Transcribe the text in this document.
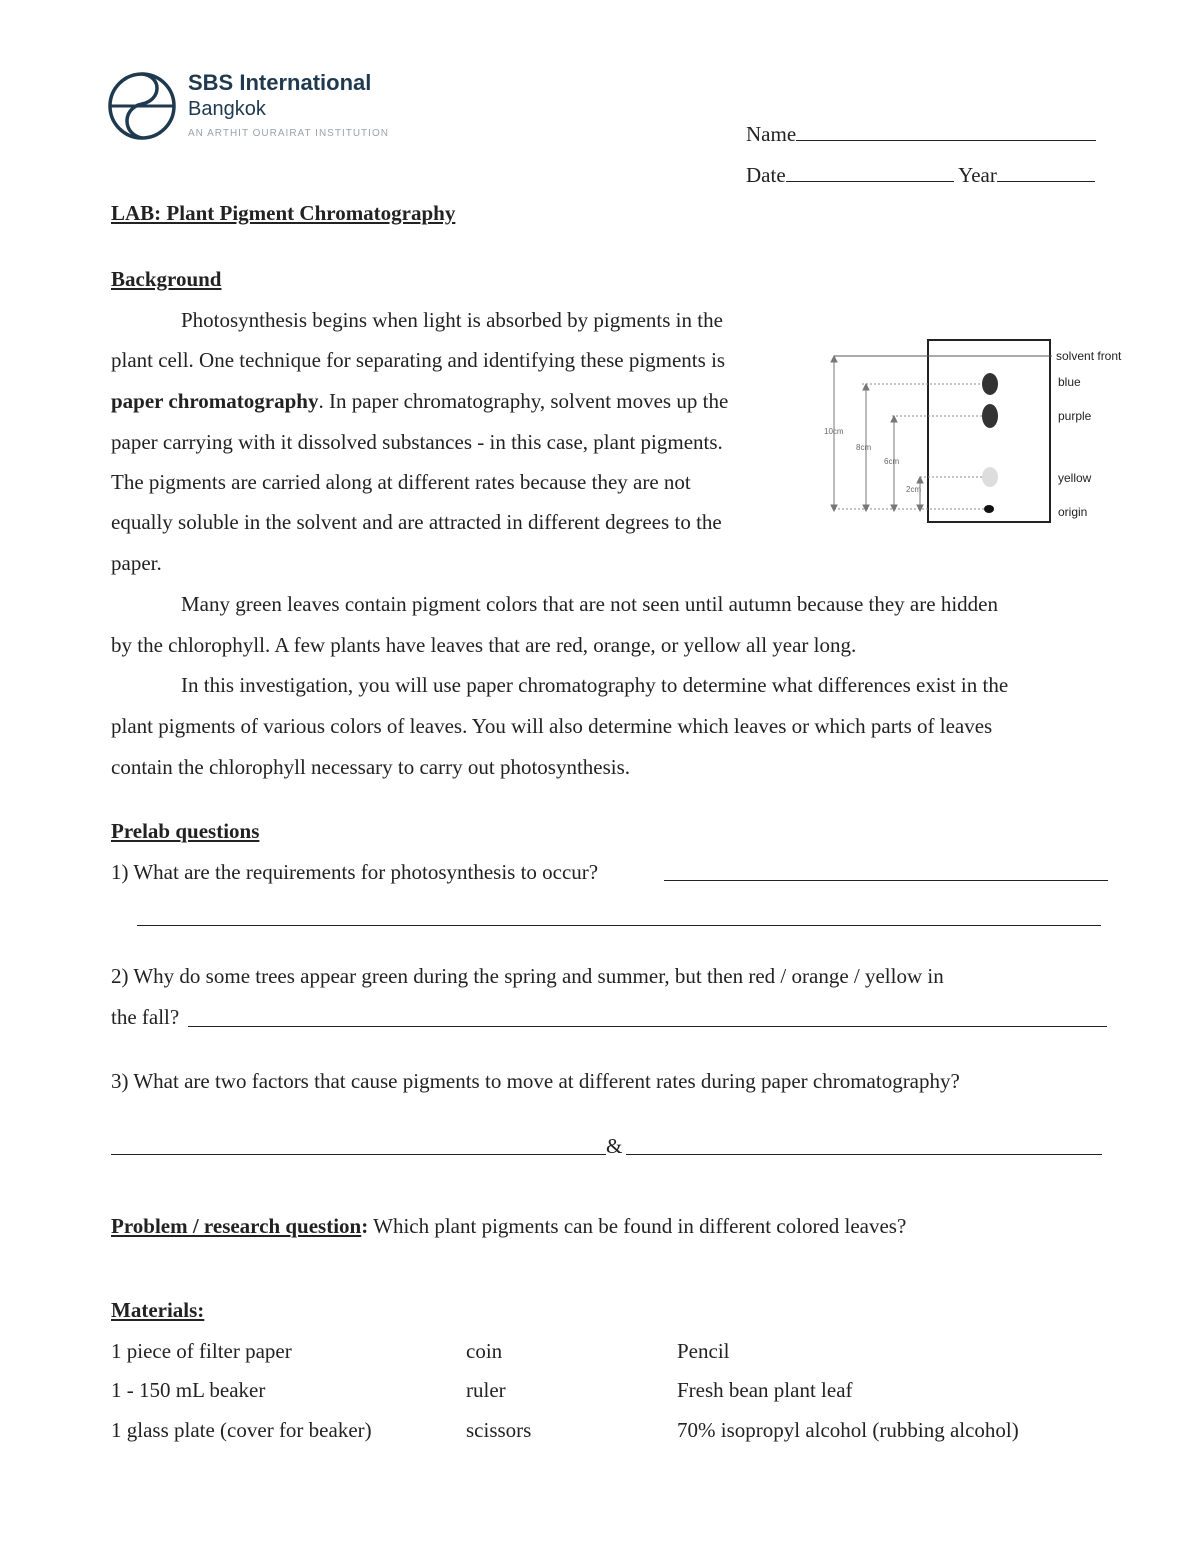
SBS International
Bangkok
AN ARTHIT OURAIRAT INSTITUTION	Name
Date	Year
LAB: Plant Pigment Chromatography
Background
Photosynthesis begins when light is absorbed by pigments in the
plant cell. One technique for separating and identifying these pigments is
paper chromatography. In paper chromatography, solvent moves up the
paper carrying with it dissolved substances - in this case, plant pigments.
The pigments are carried along at different rates because they are not
equally soluble in the solvent and are attracted in different degrees to the
paper.
Many green leaves contain pigment colors that are not seen until autumn because they are hidden
by the chlorophyll. A few plants have leaves that are red, orange, or yellow all year long.
In this investigation, you will use paper chromatography to determine what differences exist in the
plant pigments of various colors of leaves. You will also determine which leaves or which parts of leaves
contain the chlorophyll necessary to carry out photosynthesis.
10cm
8cm
6cm
2cm
solvent front
blue
purple
yellow
origin
Prelab questions
1) What are the requirements for photosynthesis to occur?
2) Why do some trees appear green during the spring and summer, but then red / orange / yellow in
the fall?
3) What are two factors that cause pigments to move at different rates during paper chromatography?
&
Problem / research question: Which plant pigments can be found in different colored leaves?
Materials:
1 piece of filter paper	coin	Pencil
1 - 150 mL beaker	ruler	Fresh bean plant leaf
1 glass plate (cover for beaker)	scissors	70% isopropyl alcohol (rubbing alcohol)
